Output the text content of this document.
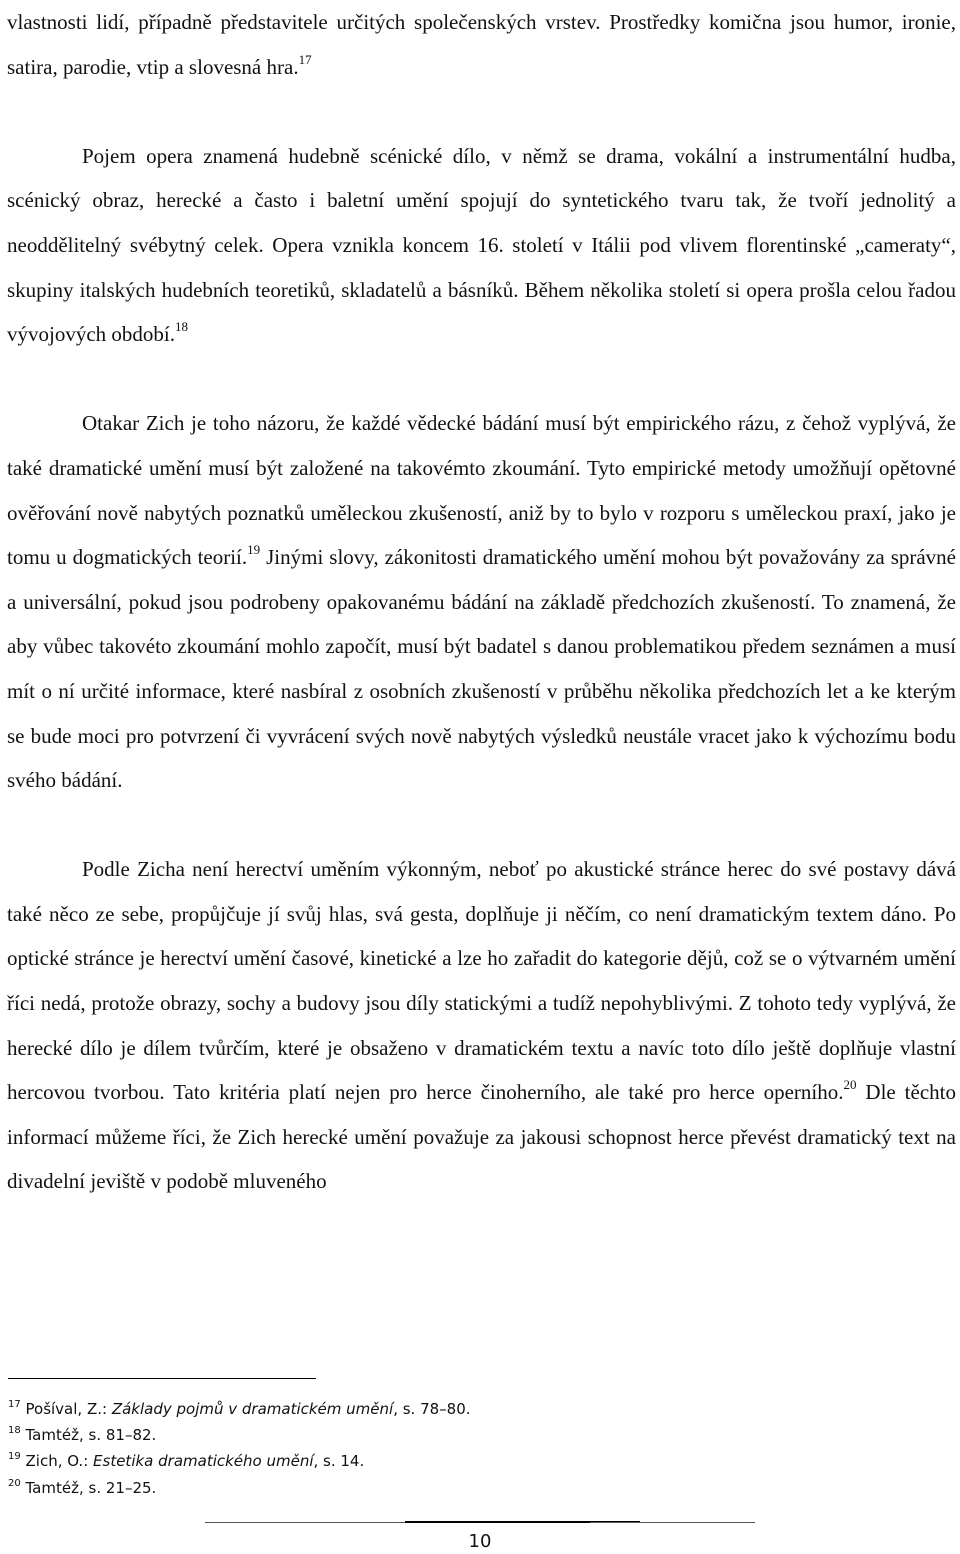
vlastnosti lidí, případně představitele určitých společenských vrstev. Prostředky komična jsou humor, ironie, satira, parodie, vtip a slovesná hra.$^{17}$

Pojem opera znamená hudebně scénické dílo, v němž se drama, vokální a instrumentální hudba, scénický obraz, herecké a často i baletní umění spojují do syntetického tvaru tak, že tvoří jednolitý a neoddělitelný svébytný celek. Opera vznikla koncem 16. století v Itálii pod vlivem florentinské „cameraty“, skupiny italských hudebních teoretiků, skladatelů a básníků. Během několika století si opera prošla celou řadou vývojových období.$^{18}$

Otakar Zich je toho názoru, že každé vědecké bádání musí být empirického rázu, z čehož vyplývá, že také dramatické umění musí být založené na takovémto zkoumání. Tyto empirické metody umožňují opětovné ověřování nově nabytých poznatků uměleckou zkušeností, aniž by to bylo v rozporu s uměleckou praxí, jako je tomu u dogmatických teorií.$^{19}$ Jinými slovy, zákonitosti dramatického umění mohou být považovány za správné a universální, pokud jsou podrobeny opakovanému bádání na základě předchozích zkušeností. To znamená, že aby vůbec takovéto zkoumání mohlo započít, musí být badatel s danou problematikou předem seznámen a musí mít o ní určité informace, které nasbíral z osobních zkušeností v průběhu několika předchozích let a ke kterým se bude moci pro potvrzení či vyvrácení svých nově nabytých výsledků neustále vracet jako k výchozímu bodu svého bádání.

Podle Zicha není herectví uměním výkonným, neboť po akustické stránce herec do své postavy dává také něco ze sebe, propůjčuje jí svůj hlas, svá gesta, doplňuje ji něčím, co není dramatickým textem dáno. Po optické stránce je herectví umění časové, kinetické a lze ho zařadit do kategorie dějů, což se o výtvarném umění říci nedá, protože obrazy, sochy a budovy jsou díly statickými a tudíž nepohyblivými. Z tohoto tedy vyplývá, že herecké dílo je dílem tvůrčím, které je obsaženo v dramatickém textu a navíc toto dílo ještě doplňuje vlastní hercovou tvorbou. Tato kritéria platí nejen pro herce činoherního, ale také pro herce operního.$^{20}$ Dle těchto informací můžeme říci, že Zich herecké umění považuje za jakousi schopnost herce převést dramatický text na divadelní jeviště v podobě mluveného

$^{17}$ Pošíval, Z.: Základy pojmů v dramatickém umění, s. 78–80.
$^{18}$ Tamtéž, s. 81–82.
$^{19}$ Zich, O.: Estetika dramatického umění, s. 14.
$^{20}$ Tamtéž, s. 21–25.
10
